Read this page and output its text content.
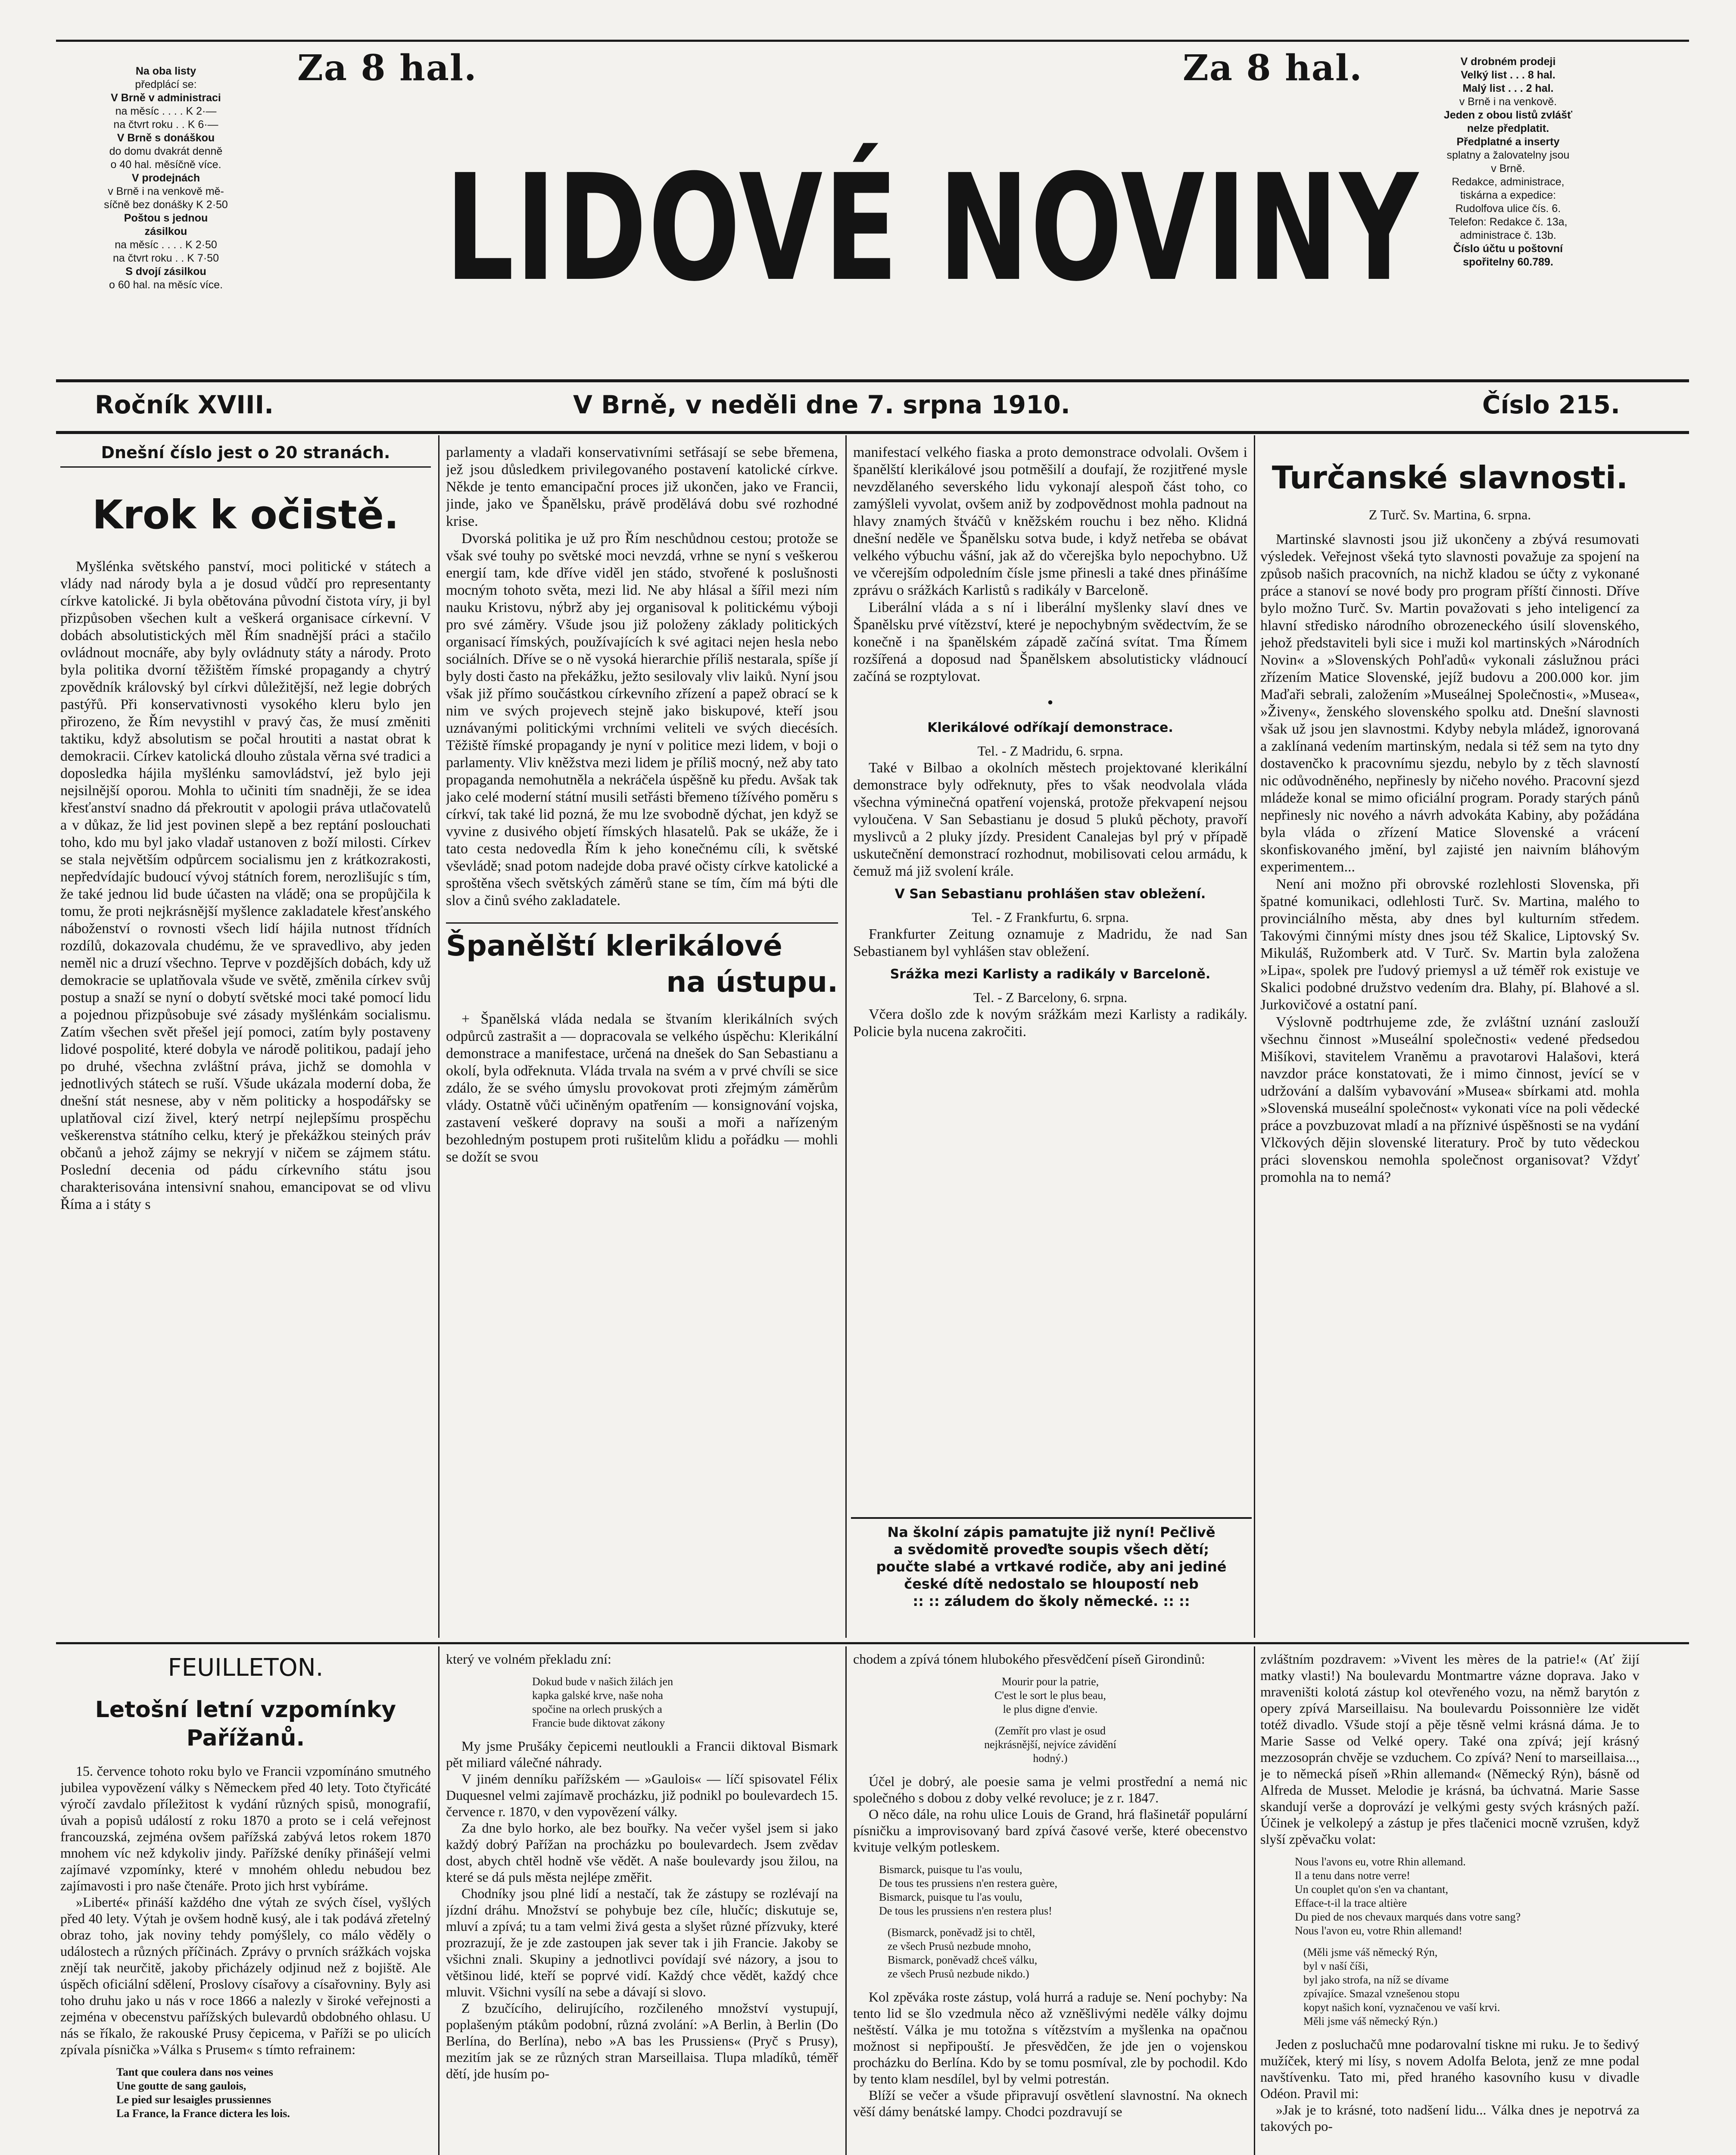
Na oba listy
předplácí se:
V Brně v administraci
na měsíc . . . . K 2·—
na čtvrt roku . . K 6·—
V Brně s donáškou
do domu dvakrát denně
o 40 hal. měsíčně více.
V prodejnách
v Brně i na venkově mě-
síčně bez donášky K 2·50
Poštou s jednou
zásilkou
na měsíc . . . . K 2·50
na čtvrt roku . . K 7·50
S dvojí zásilkou
o 60 hal. na měsíc více.
V drobném prodeji
Velký list . . . 8 hal.
Malý list . . . 2 hal.
v Brně i na venkově.
Jeden z obou listů zvlášť
nelze předplatit.
Předplatné a inserty
splatny a žalovatelny jsou
v Brně.
Redakce, administrace,
tiskárna a expedice:
Rudolfova ulice čís. 6.
Telefon: Redakce č. 13a,
administrace č. 13b.
Číslo účtu u poštovní
spořitelny 60.789.
Za 8 hal.	Za 8 hal.
LIDOVÉ NOVINY
Ročník XVIII.	V Brně, v neděli dne 7. srpna 1910.	Číslo 215.
Dnešní číslo jest o 20 stranách.
Krok k očistě.

Myšlénka světského panství, moci politické v státech a vlády nad národy byla a je dosud vůdčí pro representanty církve katolické. Ji byla obětována původní čistota víry, ji byl přizpůsoben všechen kult a veškerá organisace církevní. V dobách absolutistických měl Řím snadnější práci a stačilo ovládnout mocnáře, aby byly ovládnuty státy a národy. Proto byla politika dvorní těžištěm římské propagandy a chytrý zpovědník královský byl církvi důležitější, než legie dobrých pastýřů. Při konservativnosti vysokého kleru bylo jen přirozeno, že Řím nevystihl v pravý čas, že musí změniti taktiku, když absolutism se počal hroutiti a nastat obrat k demokracii. Církev katolická dlouho zůstala věrna své tradici a doposledka hájila myšlénku samovládství, jež bylo jeji nejsilnější oporou. Mohla to učiniti tím snadněji, že se idea křesťanství snadno dá překroutit v apologii práva utlačovatelů a v důkaz, že lid jest povinen slepě a bez reptání poslouchati toho, kdo mu byl jako vladař ustanoven z boží milosti. Církev se stala největším odpůrcem socialismu jen z krátkozrakosti, nepředvídajíc budoucí vývoj státních forem, nerozlišujíc s tím, že také jednou lid bude účasten na vládě; ona se propůjčila k tomu, že proti nejkrásnější myšlence zakladatele křesťanského náboženství o rovnosti všech lidí hájila nutnost třídních rozdílů, dokazovala chudému, že ve spravedlivo, aby jeden neměl nic a druzí všechno. Teprve v pozdějších dobách, kdy už demokracie se uplatňovala všude ve světě, změnila církev svůj postup a snaží se nyní o dobytí světské moci také pomocí lidu a pojednou přizpůsobuje své zásady myšlénkám socialismu. Zatím všechen svět přešel její pomoci, zatím byly postaveny lidové pospolité, které dobyla ve národě politikou, padají jeho po druhé, všechna zvláštní práva, jichž se domohla v jednotlivých státech se ruší. Všude ukázala moderní doba, že dnešní stát nesnese, aby v něm politicky a hospodářsky se uplatňoval cizí živel, který netrpí nejlepšímu prospěchu veškerenstva státního celku, který je překážkou steiných práv občanů a jehož zájmy se nekryjí v ničem se zájmem státu. Poslední decenia od pádu církevního státu jsou charakterisována intensivní snahou, emancipovat se od vlivu Říma a i státy s

parlamenty a vladaři konservativními setřásají se sebe břemena, jež jsou důsledkem privilegovaného postavení katolické církve. Někde je tento emancipační proces již ukončen, jako ve Francii, jinde, jako ve Španělsku, právě prodělává dobu své rozhodné krise.

Dvorská politika je už pro Řím neschůdnou cestou; protože se však své touhy po světské moci nevzdá, vrhne se nyní s veškerou energií tam, kde dříve viděl jen stádo, stvořené k poslušnosti mocným tohoto světa, mezi lid. Ne aby hlásal a šířil mezi ním nauku Kristovu, nýbrž aby jej organisoval k politickému výboji pro své záměry. Všude jsou již položeny základy politických organisací římských, používajících k své agitaci nejen hesla nebo sociálních. Dříve se o ně vysoká hierarchie příliš nestarala, spíše jí byly dosti často na překážku, ježto sesilovaly vliv laiků. Nyní jsou však již přímo součástkou církevního zřízení a papež obrací se k nim ve svých projevech stejně jako biskupové, kteří jsou uznávanými politickými vrchními veliteli ve svých diecésích. Těžiště římské propagandy je nyní v politice mezi lidem, v boji o parlamenty. Vliv kněžstva mezi lidem je příliš mocný, než aby tato propaganda nemohutněla a nekráčela úspěšně ku předu. Avšak tak jako celé moderní státní musili setřásti břemeno tížívého poměru s církví, tak také lid pozná, že mu lze svobodně dýchat, jen když se vyvine z dusivého objetí římských hlasatelů. Pak se ukáže, že i tato cesta nedovedla Řím k jeho konečnému cíli, k světské vševládě; snad potom nadejde doba pravé očisty církve katolické a sproštěna všech světských záměrů stane se tím, čím má býti dle slov a činů svého zakladatele.

Španělští klerikálové
na ústupu.

+ Španělská vláda nedala se štvaním klerikálních svých odpůrců zastrašit a — dopracovala se velkého úspěchu: Klerikální demonstrace a manifestace, určená na dnešek do San Sebastianu a okolí, byla odřeknuta. Vláda trvala na svém a v prvé chvíli se sice zdálo, že se svého úmyslu provokovat proti zřejmým záměrům vlády. Ostatně vůči učiněným opatřením — konsignování vojska, zastavení veškeré dopravy na souši a moři a nařízeným bezohledným postupem proti rušitelům klidu a pořádku — mohli se dožít se svou

manifestací velkého fiaska a proto demonstrace odvolali. Ovšem i španělští klerikálové jsou potměšilí a doufají, že rozjitřené mysle nevzdělaného severského lidu vykonají alespoň část toho, co zamýšleli vyvolat, ovšem aniž by zodpovědnost mohla padnout na hlavy znamých štváčů v kněžském rouchu i bez něho. Klidná dnešní neděle ve Španělsku sotva bude, i když netřeba se obávat velkého výbuchu vášní, jak až do včerejška bylo nepochybno. Už ve včerejším odpoledním čísle jsme přinesli a také dnes přinášíme zprávu o srážkách Karlistů s radikály v Barceloně.

Liberální vláda a s ní i liberální myšlenky slaví dnes ve Španělsku prvé vítězství, které je nepochybným svědectvím, že se konečně i na španělském západě začíná svítat. Tma Římem rozšířená a doposud nad Španělskem absolutisticky vládnoucí začíná se rozptylovat.

•
Klerikálové odříkají demonstrace.

Tel. - Z Madridu, 6. srpna.

Také v Bilbao a okolních městech projektované klerikální demonstrace byly odřeknuty, přes to však neodvolala vláda všechna výminečná opatření vojenská, protože překvapení nejsou vyloučena. V San Sebastianu je dosud 5 pluků pěchoty, pravoří myslivců a 2 pluky jízdy. President Canalejas byl prý v případě uskutečnění demonstrací rozhodnut, mobilisovati celou armádu, k čemuž má již svolení krále.

V San Sebastianu prohlášen stav obležení.

Tel. - Z Frankfurtu, 6. srpna.

Frankfurter Zeitung oznamuje z Madridu, že nad San Sebastianem byl vyhlášen stav obležení.

Srážka mezi Karlisty a radikály v Barceloně.

Tel. - Z Barcelony, 6. srpna.

Včera došlo zde k novým srážkám mezi Karlisty a radikály. Policie byla nucena zakročiti.

Na školní zápis pamatujte již nyní! Pečlivě
a svědomitě proveďte soupis všech dětí;
poučte slabé a vrtkavé rodiče, aby ani jediné
české dítě nedostalo se hloupostí neb
:: :: záludem do školy německé. :: ::
Turčanské slavnosti.

Z Turč. Sv. Martina, 6. srpna.

Martinské slavnosti jsou již ukončeny a zbývá resumovati výsledek. Veřejnost všeká tyto slavnosti považuje za spojení na způsob našich pracovních, na nichž kladou se účty z vykonané práce a stanoví se nové body pro program příští činnosti. Dříve bylo možno Turč. Sv. Martin považovati s jeho inteligencí za hlavní středisko národního obrozeneckého úsilí slovenského, jehož představiteli byli sice i muži kol martinských »Národních Novin« a »Slovenských Pohľadů« vykonali záslužnou práci zřízením Matice Slovenské, jejíž budovu a 200.000 kor. jim Maďaři sebrali, založením »Museálnej Společnosti«, »Musea«, »Živeny«, ženského slovenského spolku atd. Dnešní slavnosti však už jsou jen slavnostmi. Kdyby nebyla mládež, ignorovaná a zaklínaná vedením martinským, nedala si též sem na tyto dny dostavenčko k pracovnímu sjezdu, nebylo by z těch slavností nic odůvodněného, nepřinesly by ničeho nového. Pracovní sjezd mládeže konal se mimo oficiální program. Porady starých pánů nepřinesly nic nového a návrh advokáta Kabiny, aby požádána byla vláda o zřízení Matice Slovenské a vrácení skonfiskovaného jmění, byl zajisté jen naivním bláhovým experimentem...

Není ani možno při obrovské rozlehlosti Slovenska, při špatné komunikaci, odlehlosti Turč. Sv. Martina, malého to provinciálního města, aby dnes byl kulturním středem. Takovými činnými místy dnes jsou též Skalice, Liptovský Sv. Mikuláš, Ružomberk atd. V Turč. Sv. Martin byla založena »Lipa«, spolek pre ľudový priemysl a už téměř rok existuje ve Skalici podobné družstvo vedením dra. Blahy, pí. Blahové a sl. Jurkovičové a ostatní paní.

Výslovně podtrhujeme zde, že zvláštní uznání zaslouží všechnu činnost »Museální společnosti« vedené předsedou Mišíkovi, stavitelem Vraněmu a pravotarovi Halašovi, která navzdor práce konstatovati, že i mimo činnost, jevící se v udržování a dalším vybavování »Musea« sbírkami atd. mohla »Slovenská museální společnost« vykonati více na poli vědecké práce a povzbuzovat mladí a na příznivé úspěšnosti se na vydání Vlčkových dějin slovenské literatury. Proč by tuto vědeckou práci slovenskou nemohla společnost organisovat? Vždyť promohla na to nemá?

FEUILLETON.
Letošní letní vzpomínky Pařížanů.

15. července tohoto roku bylo ve Francii vzpomínáno smutného jubilea vypovězení války s Německem před 40 lety. Toto čtyřicáté výročí zavdalo příležitost k vydání různých spisů, monografií, úvah a popisů událostí z roku 1870 a proto se i celá veřejnost francouzská, zejména ovšem pařížská zabývá letos rokem 1870 mnohem víc než kdykoliv jindy. Pařížské deníky přinášejí velmi zajímavé vzpomínky, které v mnohém ohledu nebudou bez zajímavosti i pro naše čtenáře. Proto jich hrst vybíráme.

»Liberté« přináší každého dne výtah ze svých čísel, vyšlých před 40 lety. Výtah je ovšem hodně kusý, ale i tak podává zřetelný obraz toho, jak noviny tehdy pomýšlely, co málo věděly o událostech a různých příčinách. Zprávy o prvních srážkách vojska znějí tak neurčitě, jakoby přicházely odjinud než z bojiště. Ale úspěch oficiální sdělení, Proslovy císařovy a císařovniny. Byly asi toho druhu jako u nás v roce 1866 a nalezly v široké veřejnosti a zejména v obecenstvu pařížských bulevardů obdobného ohlasu. U nás se říkalo, že rakouské Prusy čepicema, v Paříži se po ulicích zpívala písnička »Válka s Prusem« s tímto refrainem:

Tant que coulera dans nos veines
Une goutte de sang gaulois,
Le pied sur lesaigles prussiennes
La France, la France dictera les lois.

který ve volném překladu zní:

Dokud bude v našich žilách jen
kapka galské krve, naše noha
spočine na orlech pruských a
Francie bude diktovat zákony

My jsme Prušáky čepicemi neutloukli a Francii diktoval Bismark pět miliard válečné náhrady.

V jiném denníku pařížském — »Gaulois« — líčí spisovatel Félix Duquesnel velmi zajímavě procházku, již podnikl po boulevardech 15. července r. 1870, v den vypovězení války.

Za dne bylo horko, ale bez bouřky. Na večer vyšel jsem si jako každý dobrý Pařížan na procházku po boulevardech. Jsem zvědav dost, abych chtěl hodně vše vědět. A naše boulevardy jsou žilou, na které se dá puls města nejlépe změřit.

Chodníky jsou plné lidí a nestačí, tak že zástupy se rozlévají na jízdní dráhu. Množství se pohybuje bez cíle, hlučíc; diskutuje se, mluví a zpívá; tu a tam velmi živá gesta a slyšet různé přízvuky, které prozrazují, že je zde zastoupen jak sever tak i jih Francie. Jakoby se všichni znali. Skupiny a jednotlivci povídají své názory, a jsou to většinou lidé, kteří se poprvé vidí. Každý chce vědět, každý chce mluvit. Všichni vysílí na sebe a dávají si slovo.

Z bzučícího, delirujícího, rozčileného množství vystupují, poplašeným ptákům podobní, různá zvolání: »A Berlin, à Berlin (Do Berlína, do Berlína), nebo »A bas les Prussiens« (Pryč s Prusy), mezitím jak se ze různých stran Marseillaisa. Tlupa mladíků, téměř dětí, jde husím po-

chodem a zpívá tónem hlubokého přesvědčení píseň Girondinů:

Mourir pour la patrie,
C'est le sort le plus beau,
le plus digne d'envie.
(Zemřít pro vlast je osud
nejkrásnější, nejvíce závidění
hodný.)

Účel je dobrý, ale poesie sama je velmi prostřední a nemá nic společného s dobou z doby velké revoluce; je z r. 1847.

O něco dále, na rohu ulice Louis de Grand, hrá flašinetář populární písničku a improvisovaný bard zpívá časové verše, které obecenstvo kvituje velkým potleskem.

Bismarck, puisque tu l'as voulu,
De tous tes prussiens n'en restera guère,
Bismarck, puisque tu l'as voulu,
De tous les prussiens n'en restera plus!
(Bismarck, poněvadž jsi to chtěl,
ze všech Prusů nezbude mnoho,
Bismarck, poněvadž chceš válku,
ze všech Prusů nezbude nikdo.)

Kol zpěváka roste zástup, volá hurrá a raduje se. Není pochyby: Na tento lid se šlo vzedmula něco až vzněšlivými neděle války dojmu neštěstí. Válka je mu totožna s vítězstvím a myšlenka na opačnou možnost si nepřipouští. Je přesvědčen, že jde jen o vojenskou procházku do Berlína. Kdo by se tomu posmíval, zle by pochodil. Kdo by tento klam nesdílel, byl by velmi potrestán.

Blíží se večer a všude připravují osvětlení slavnostní. Na oknech věší dámy benátské lampy. Chodci pozdravují se

zvláštním pozdravem: »Vivent les mères de la patrie!« (Ať žijí matky vlasti!) Na boulevardu Montmartre vázne doprava. Jako v mraveništi kolotá zástup kol otevřeného vozu, na němž barytón z opery zpívá Marseillaisu. Na boulevardu Poissonnière lze vidět totéž divadlo. Všude stojí a pěje těsně velmi krásná dáma. Je to Marie Sasse od Velké opery. Také ona zpívá; její krásný mezzosoprán chvěje se vzduchem. Co zpívá? Není to marseillaisa..., je to německá píseň »Rhin allemand« (Německý Rýn), básně od Alfreda de Musset. Melodie je krásná, ba úchvatná. Marie Sasse skandují verše a doprovází je velkými gesty svých krásných paží. Účinek je velkolepý a zástup je přes tlačenici mocně vzrušen, když slyší zpěvačku volat:

Nous l'avons eu, votre Rhin allemand.
Il a tenu dans notre verre!
Un couplet qu'on s'en va chantant,
Efface-t-il la trace altière
Du pied de nos chevaux marqués dans votre sang?
Nous l'avon eu, votre Rhin allemand!
(Měli jsme váš německý Rýn,
byl v naší číši,
byl jako strofa, na níž se dívame
zpívajíce. Smazal vznešenou stopu
kopyt našich koní, vyznačenou ve vaší krvi.
Měli jsme váš německý Rýn.)

Jeden z posluchačů mne podarovalní tiskne mi ruku. Je to šedivý mužíček, který mi lísy, s novem Adolfa Belota, jenž ze mne podal navštívenku. Tato mi, před hraného kasovního kusu v divadle Odéon. Pravil mi:

»Jak je to krásné, toto nadšení lidu... Válka dnes je nepotrvá za takových po-
